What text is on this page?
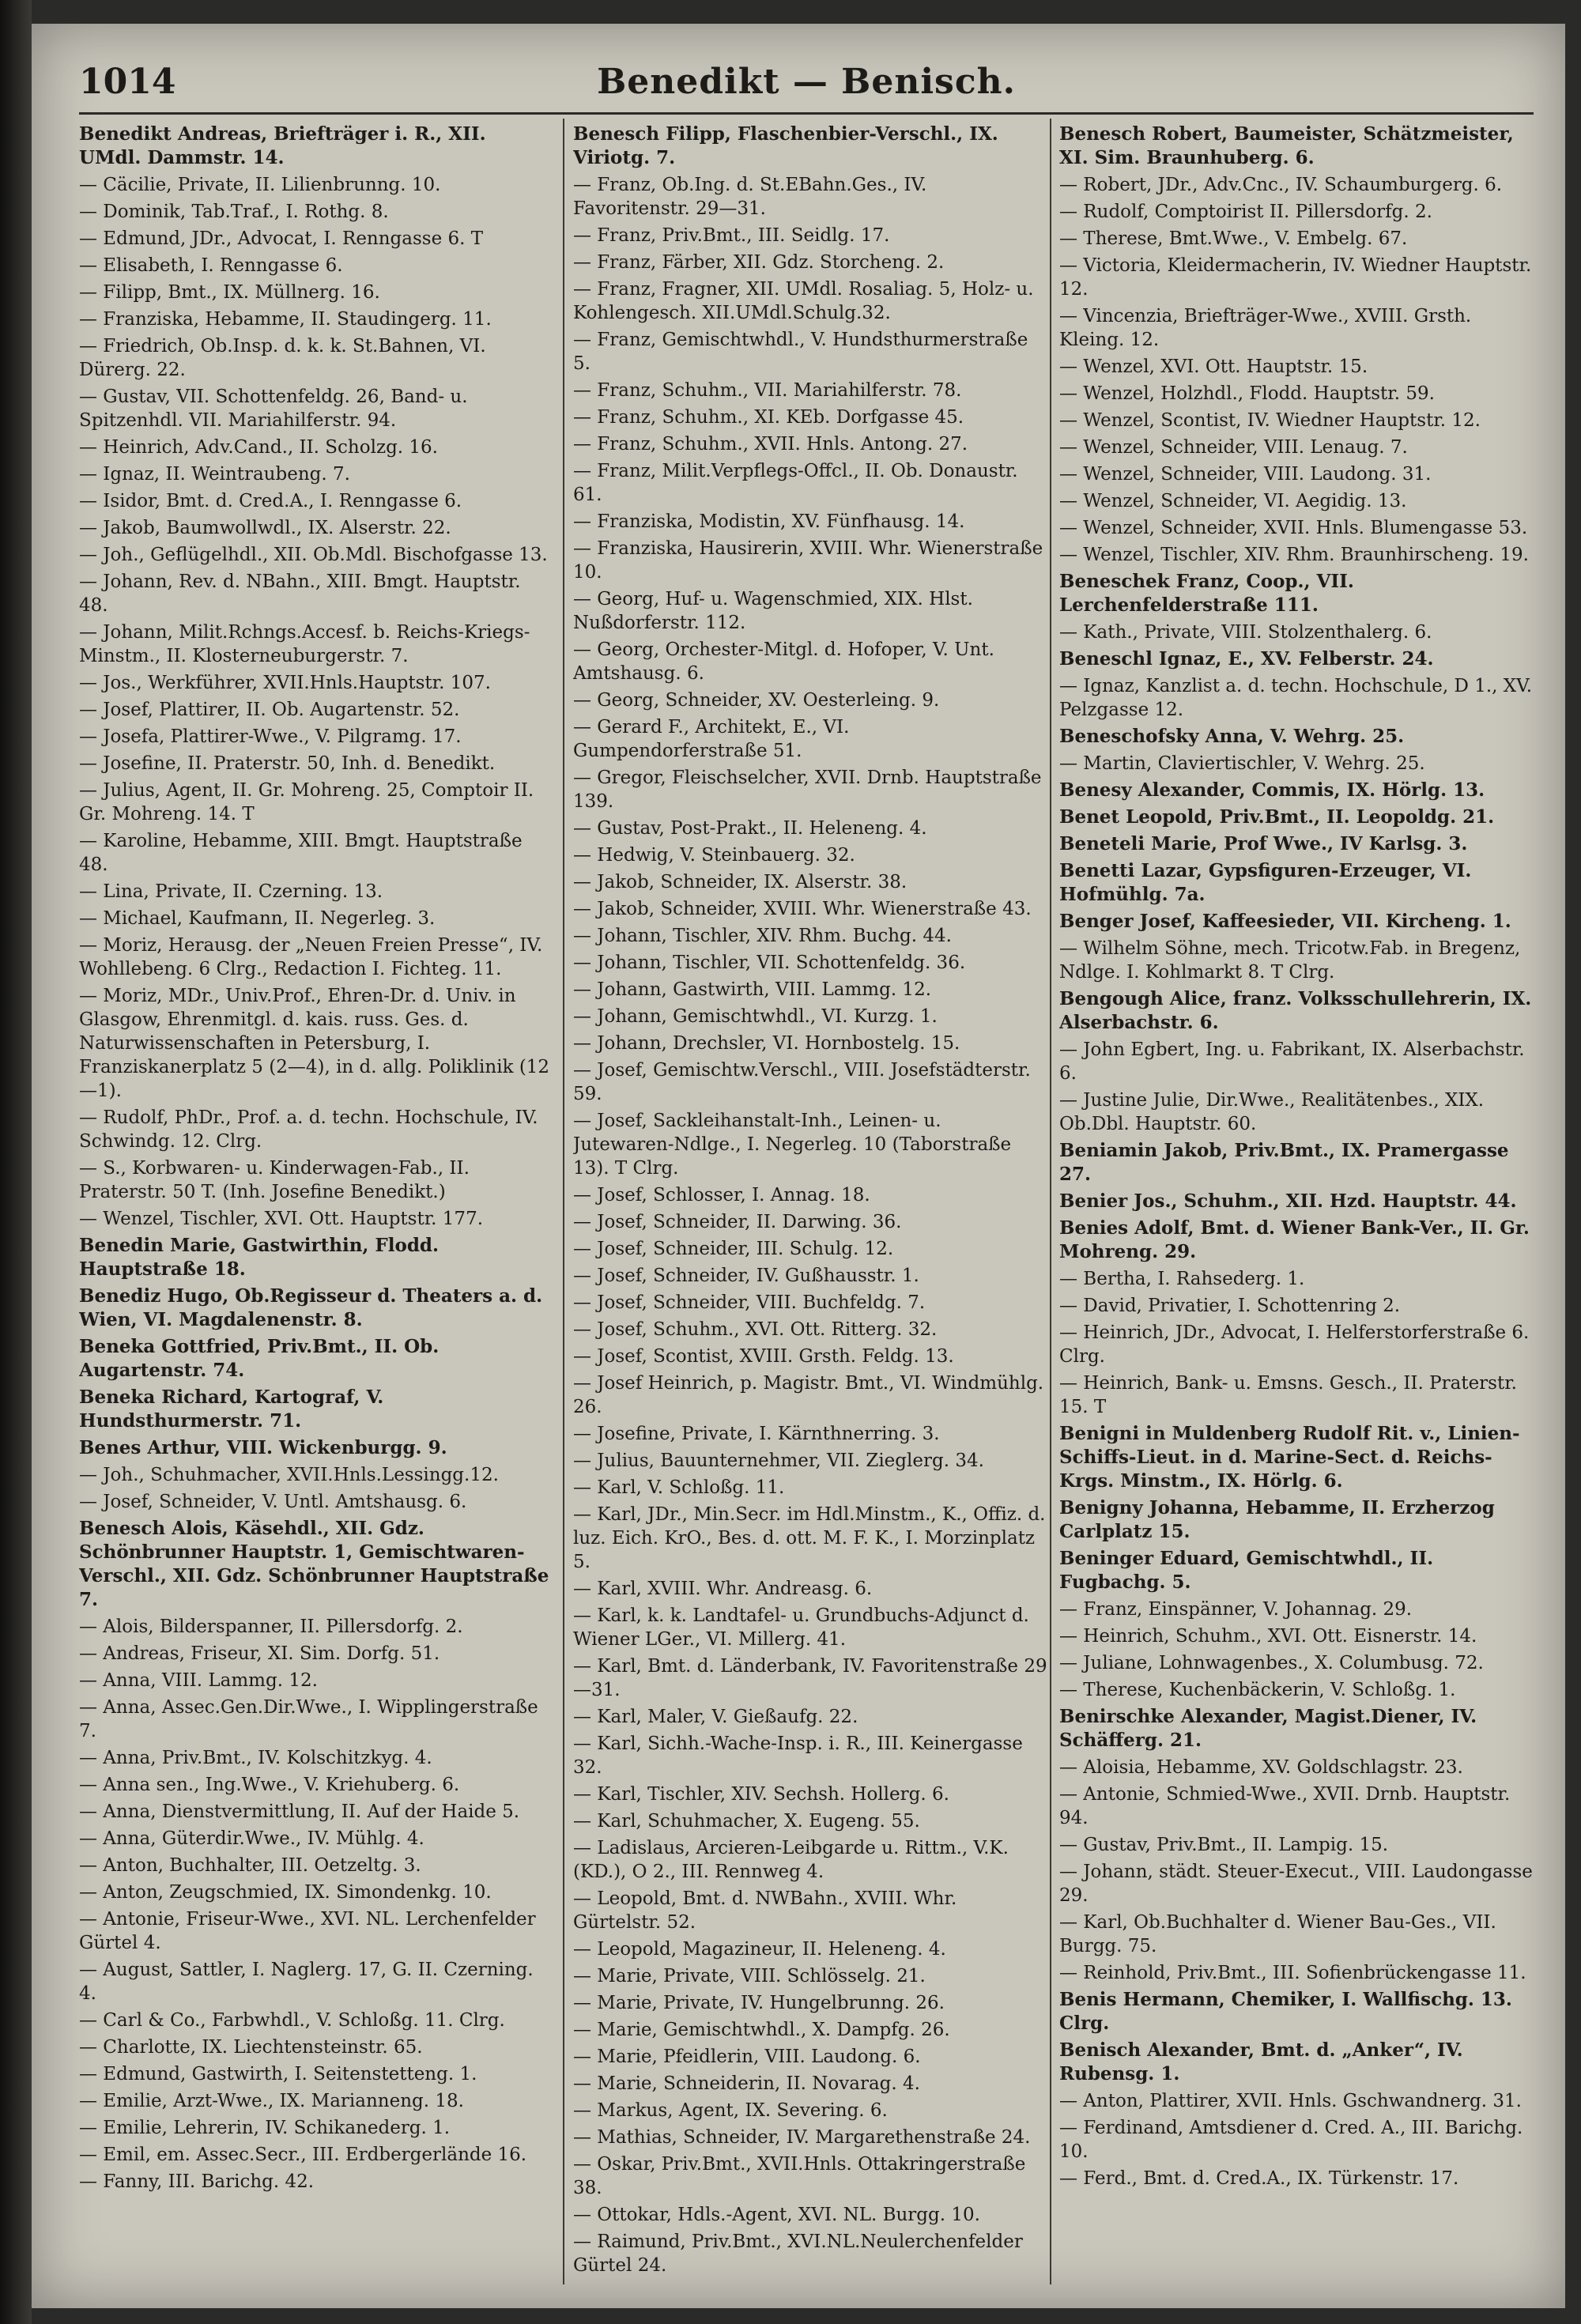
1014	Benedikt — Benisch.
Benedikt Andreas, Briefträger i. R., XII. UMdl. Dammstr. 14.
— Cäcilie, Private, II. Lilienbrunng. 10.
— Dominik, Tab.Traf., I. Rothg. 8.
— Edmund, JDr., Advocat, I. Renngasse 6. T
— Elisabeth, I. Renngasse 6.
— Filipp, Bmt., IX. Müllnerg. 16.
— Franziska, Hebamme, II. Staudingerg. 11.
— Friedrich, Ob.Insp. d. k. k. St.Bahnen, VI. Dürerg. 22.
— Gustav, VII. Schottenfeldg. 26, Band- u. Spitzenhdl. VII. Mariahilferstr. 94.
— Heinrich, Adv.Cand., II. Scholzg. 16.
— Ignaz, II. Weintraubeng. 7.
— Isidor, Bmt. d. Cred.A., I. Renngasse 6.
— Jakob, Baumwollwdl., IX. Alserstr. 22.
— Joh., Geflügelhdl., XII. Ob.Mdl. Bischofgasse 13.
— Johann, Rev. d. NBahn., XIII. Bmgt. Hauptstr. 48.
— Johann, Milit.Rchngs.Accesf. b. Reichs-Kriegs-Minstm., II. Klosterneuburgerstr. 7.
— Jos., Werkführer, XVII.Hnls.Hauptstr. 107.
— Josef, Plattirer, II. Ob. Augartenstr. 52.
— Josefa, Plattirer-Wwe., V. Pilgramg. 17.
— Josefine, II. Praterstr. 50, Inh. d. Benedikt.
— Julius, Agent, II. Gr. Mohreng. 25, Comptoir II. Gr. Mohreng. 14. T
— Karoline, Hebamme, XIII. Bmgt. Hauptstraße 48.
— Lina, Private, II. Czerning. 13.
— Michael, Kaufmann, II. Negerleg. 3.
— Moriz, Herausg. der „Neuen Freien Presse“, IV. Wohllebeng. 6 Clrg., Redaction I. Fichteg. 11.
— Moriz, MDr., Univ.Prof., Ehren-Dr. d. Univ. in Glasgow, Ehrenmitgl. d. kais. russ. Ges. d. Naturwissenschaften in Petersburg, I. Franziskanerplatz 5 (2—4), in d. allg. Poliklinik (12—1).
— Rudolf, PhDr., Prof. a. d. techn. Hochschule, IV. Schwindg. 12. Clrg.
— S., Korbwaren- u. Kinderwagen-Fab., II. Praterstr. 50 T. (Inh. Josefine Benedikt.)
— Wenzel, Tischler, XVI. Ott. Hauptstr. 177.
Benedin Marie, Gastwirthin, Flodd. Hauptstraße 18.
Benediz Hugo, Ob.Regisseur d. Theaters a. d. Wien, VI. Magdalenenstr. 8.
Beneka Gottfried, Priv.Bmt., II. Ob. Augartenstr. 74.
Beneka Richard, Kartograf, V. Hundsthurmerstr. 71.
Benes Arthur, VIII. Wickenburgg. 9.
— Joh., Schuhmacher, XVII.Hnls.Lessingg.12.
— Josef, Schneider, V. Untl. Amtshausg. 6.
Benesch Alois, Käsehdl., XII. Gdz. Schönbrunner Hauptstr. 1, Gemischtwaren-Verschl., XII. Gdz. Schönbrunner Hauptstraße 7.
— Alois, Bilderspanner, II. Pillersdorfg. 2.
— Andreas, Friseur, XI. Sim. Dorfg. 51.
— Anna, VIII. Lammg. 12.
— Anna, Assec.Gen.Dir.Wwe., I. Wipplingerstraße 7.
— Anna, Priv.Bmt., IV. Kolschitzkyg. 4.
— Anna sen., Ing.Wwe., V. Kriehuberg. 6.
— Anna, Dienstvermittlung, II. Auf der Haide 5.
— Anna, Güterdir.Wwe., IV. Mühlg. 4.
— Anton, Buchhalter, III. Oetzeltg. 3.
— Anton, Zeugschmied, IX. Simondenkg. 10.
— Antonie, Friseur-Wwe., XVI. NL. Lerchenfelder Gürtel 4.
— August, Sattler, I. Naglerg. 17, G. II. Czerning. 4.
— Carl & Co., Farbwhdl., V. Schloßg. 11. Clrg.
— Charlotte, IX. Liechtensteinstr. 65.
— Edmund, Gastwirth, I. Seitenstetteng. 1.
— Emilie, Arzt-Wwe., IX. Marianneng. 18.
— Emilie, Lehrerin, IV. Schikanederg. 1.
— Emil, em. Assec.Secr., III. Erdbergerlände 16.
— Fanny, III. Barichg. 42.
Benesch Filipp, Flaschenbier-Verschl., IX. Viriotg. 7.
— Franz, Ob.Ing. d. St.EBahn.Ges., IV. Favoritenstr. 29—31.
— Franz, Priv.Bmt., III. Seidlg. 17.
— Franz, Färber, XII. Gdz. Storcheng. 2.
— Franz, Fragner, XII. UMdl. Rosaliag. 5, Holz- u. Kohlengesch. XII.UMdl.Schulg.32.
— Franz, Gemischtwhdl., V. Hundsthurmerstraße 5.
— Franz, Schuhm., VII. Mariahilferstr. 78.
— Franz, Schuhm., XI. KEb. Dorfgasse 45.
— Franz, Schuhm., XVII. Hnls. Antong. 27.
— Franz, Milit.Verpflegs-Offcl., II. Ob. Donaustr. 61.
— Franziska, Modistin, XV. Fünfhausg. 14.
— Franziska, Hausirerin, XVIII. Whr. Wienerstraße 10.
— Georg, Huf- u. Wagenschmied, XIX. Hlst. Nußdorferstr. 112.
— Georg, Orchester-Mitgl. d. Hofoper, V. Unt. Amtshausg. 6.
— Georg, Schneider, XV. Oesterleing. 9.
— Gerard F., Architekt, E., VI. Gumpendorferstraße 51.
— Gregor, Fleischselcher, XVII. Drnb. Hauptstraße 139.
— Gustav, Post-Prakt., II. Heleneng. 4.
— Hedwig, V. Steinbauerg. 32.
— Jakob, Schneider, IX. Alserstr. 38.
— Jakob, Schneider, XVIII. Whr. Wienerstraße 43.
— Johann, Tischler, XIV. Rhm. Buchg. 44.
— Johann, Tischler, VII. Schottenfeldg. 36.
— Johann, Gastwirth, VIII. Lammg. 12.
— Johann, Gemischtwhdl., VI. Kurzg. 1.
— Johann, Drechsler, VI. Hornbostelg. 15.
— Josef, Gemischtw.Verschl., VIII. Josefstädterstr. 59.
— Josef, Sackleihanstalt-Inh., Leinen- u. Jutewaren-Ndlge., I. Negerleg. 10 (Taborstraße 13). T Clrg.
— Josef, Schlosser, I. Annag. 18.
— Josef, Schneider, II. Darwing. 36.
— Josef, Schneider, III. Schulg. 12.
— Josef, Schneider, IV. Gußhausstr. 1.
— Josef, Schneider, VIII. Buchfeldg. 7.
— Josef, Schuhm., XVI. Ott. Ritterg. 32.
— Josef, Scontist, XVIII. Grsth. Feldg. 13.
— Josef Heinrich, p. Magistr. Bmt., VI. Windmühlg. 26.
— Josefine, Private, I. Kärnthnerring. 3.
— Julius, Bauunternehmer, VII. Zieglerg. 34.
— Karl, V. Schloßg. 11.
— Karl, JDr., Min.Secr. im Hdl.Minstm., K., Offiz. d. luz. Eich. KrO., Bes. d. ott. M. F. K., I. Morzinplatz 5.
— Karl, XVIII. Whr. Andreasg. 6.
— Karl, k. k. Landtafel- u. Grundbuchs-Adjunct d. Wiener LGer., VI. Millerg. 41.
— Karl, Bmt. d. Länderbank, IV. Favoritenstraße 29—31.
— Karl, Maler, V. Gießaufg. 22.
— Karl, Sichh.-Wache-Insp. i. R., III. Keinergasse 32.
— Karl, Tischler, XIV. Sechsh. Hollerg. 6.
— Karl, Schuhmacher, X. Eugeng. 55.
— Ladislaus, Arcieren-Leibgarde u. Rittm., V.K. (KD.), O 2., III. Rennweg 4.
— Leopold, Bmt. d. NWBahn., XVIII. Whr. Gürtelstr. 52.
— Leopold, Magazineur, II. Heleneng. 4.
— Marie, Private, VIII. Schlösselg. 21.
— Marie, Private, IV. Hungelbrunng. 26.
— Marie, Gemischtwhdl., X. Dampfg. 26.
— Marie, Pfeidlerin, VIII. Laudong. 6.
— Marie, Schneiderin, II. Novarag. 4.
— Markus, Agent, IX. Severing. 6.
— Mathias, Schneider, IV. Margarethenstraße 24.
— Oskar, Priv.Bmt., XVII.Hnls. Ottakringerstraße 38.
— Ottokar, Hdls.-Agent, XVI. NL. Burgg. 10.
— Raimund, Priv.Bmt., XVI.NL.Neulerchenfelder Gürtel 24.
Benesch Robert, Baumeister, Schätzmeister, XI. Sim. Braunhuberg. 6.
— Robert, JDr., Adv.Cnc., IV. Schaumburgerg. 6.
— Rudolf, Comptoirist II. Pillersdorfg. 2.
— Therese, Bmt.Wwe., V. Embelg. 67.
— Victoria, Kleidermacherin, IV. Wiedner Hauptstr. 12.
— Vincenzia, Briefträger-Wwe., XVIII. Grsth. Kleing. 12.
— Wenzel, XVI. Ott. Hauptstr. 15.
— Wenzel, Holzhdl., Flodd. Hauptstr. 59.
— Wenzel, Scontist, IV. Wiedner Hauptstr. 12.
— Wenzel, Schneider, VIII. Lenaug. 7.
— Wenzel, Schneider, VIII. Laudong. 31.
— Wenzel, Schneider, VI. Aegidig. 13.
— Wenzel, Schneider, XVII. Hnls. Blumengasse 53.
— Wenzel, Tischler, XIV. Rhm. Braunhirscheng. 19.
Beneschek Franz, Coop., VII. Lerchenfelderstraße 111.
— Kath., Private, VIII. Stolzenthalerg. 6.
Beneschl Ignaz, E., XV. Felberstr. 24.
— Ignaz, Kanzlist a. d. techn. Hochschule, D 1., XV. Pelzgasse 12.
Beneschofsky Anna, V. Wehrg. 25.
— Martin, Claviertischler, V. Wehrg. 25.
Benesy Alexander, Commis, IX. Hörlg. 13.
Benet Leopold, Priv.Bmt., II. Leopoldg. 21.
Beneteli Marie, Prof Wwe., IV Karlsg. 3.
Benetti Lazar, Gypsfiguren-Erzeuger, VI. Hofmühlg. 7a.
Benger Josef, Kaffeesieder, VII. Kircheng. 1.
— Wilhelm Söhne, mech. Tricotw.Fab. in Bregenz, Ndlge. I. Kohlmarkt 8. T Clrg.
Bengough Alice, franz. Volksschullehrerin, IX. Alserbachstr. 6.
— John Egbert, Ing. u. Fabrikant, IX. Alserbachstr. 6.
— Justine Julie, Dir.Wwe., Realitätenbes., XIX. Ob.Dbl. Hauptstr. 60.
Beniamin Jakob, Priv.Bmt., IX. Pramergasse 27.
Benier Jos., Schuhm., XII. Hzd. Hauptstr. 44.
Benies Adolf, Bmt. d. Wiener Bank-Ver., II. Gr. Mohreng. 29.
— Bertha, I. Rahsederg. 1.
— David, Privatier, I. Schottenring 2.
— Heinrich, JDr., Advocat, I. Helferstorferstraße 6. Clrg.
— Heinrich, Bank- u. Emsns. Gesch., II. Praterstr. 15. T
Benigni in Muldenberg Rudolf Rit. v., Linien-Schiffs-Lieut. in d. Marine-Sect. d. Reichs-Krgs. Minstm., IX. Hörlg. 6.
Benigny Johanna, Hebamme, II. Erzherzog Carlplatz 15.
Beninger Eduard, Gemischtwhdl., II. Fugbachg. 5.
— Franz, Einspänner, V. Johannag. 29.
— Heinrich, Schuhm., XVI. Ott. Eisnerstr. 14.
— Juliane, Lohnwagenbes., X. Columbusg. 72.
— Therese, Kuchenbäckerin, V. Schloßg. 1.
Benirschke Alexander, Magist.Diener, IV. Schäfferg. 21.
— Aloisia, Hebamme, XV. Goldschlagstr. 23.
— Antonie, Schmied-Wwe., XVII. Drnb. Hauptstr. 94.
— Gustav, Priv.Bmt., II. Lampig. 15.
— Johann, städt. Steuer-Execut., VIII. Laudongasse 29.
— Karl, Ob.Buchhalter d. Wiener Bau-Ges., VII. Burgg. 75.
— Reinhold, Priv.Bmt., III. Sofienbrückengasse 11.
Benis Hermann, Chemiker, I. Wallfischg. 13. Clrg.
Benisch Alexander, Bmt. d. „Anker“, IV. Rubensg. 1.
— Anton, Plattirer, XVII. Hnls. Gschwandnerg. 31.
— Ferdinand, Amtsdiener d. Cred. A., III. Barichg. 10.
— Ferd., Bmt. d. Cred.A., IX. Türkenstr. 17.
